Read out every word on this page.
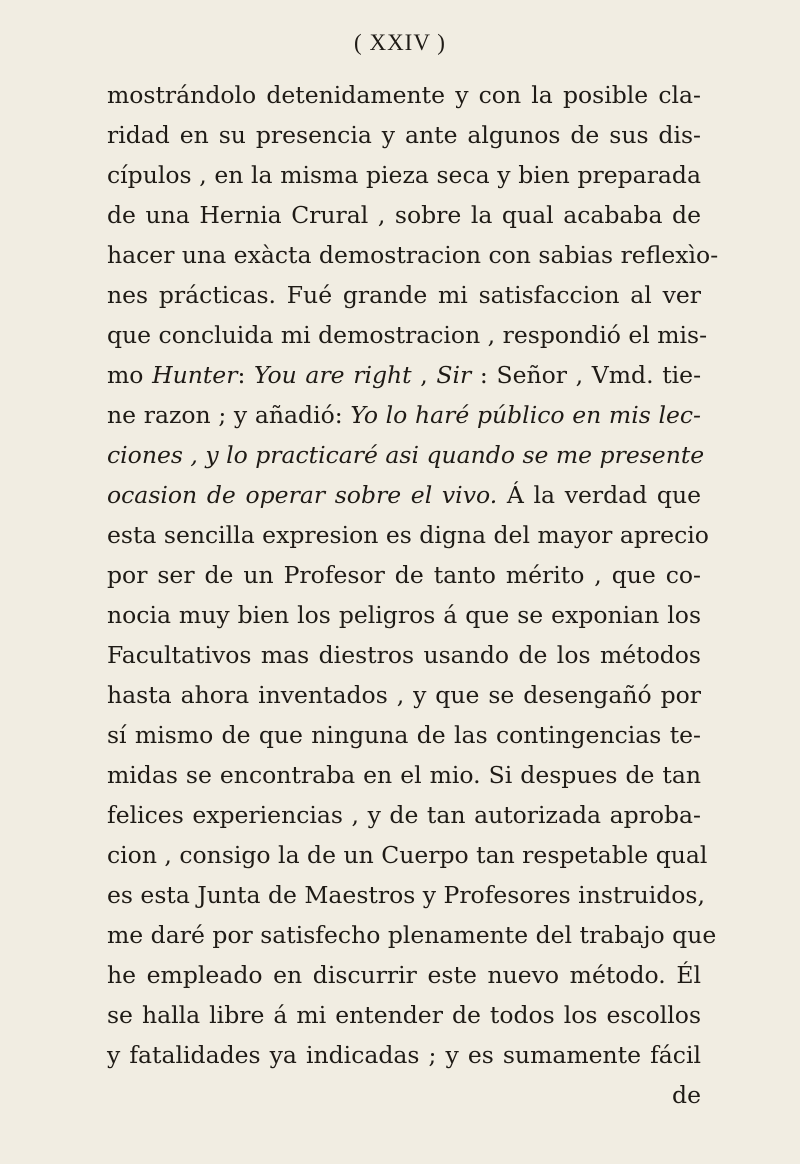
( XXIV )
mostrándolo detenidamente y con la posible cla-
ridad en su presencia y ante algunos de sus dis-
cípulos , en la misma pieza seca y bien preparada
de una Hernia Crural , sobre la qual acababa de
hacer una exàcta demostracion con sabias reflexìo-
nes prácticas. Fué grande mi satisfaccion al ver
que concluida mi demostracion , respondió el mis-
mo Hunter: You are right , Sir : Señor , Vmd. tie-
ne razon ; y añadió: Yo lo haré público en mis lec-
ciones , y lo practicaré asi quando se me presente
ocasion de operar sobre el vivo. Á la verdad que
esta sencilla expresion es digna del mayor aprecio
por ser de un Profesor de tanto mérito , que co-
nocia muy bien los peligros á que se exponian los
Facultativos mas diestros usando de los métodos
hasta ahora inventados , y que se desengañó por
sí mismo de que ninguna de las contingencias te-
midas se encontraba en el mio. Si despues de tan
felices experiencias , y de tan autorizada aproba-
cion , consigo la de un Cuerpo tan respetable qual
es esta Junta de Maestros y Profesores instruidos,
me daré por satisfecho plenamente del trabajo que
he empleado en discurrir este nuevo método. Él
se halla libre á mi entender de todos los escollos
y fatalidades ya indicadas ; y es sumamente fácil
de
